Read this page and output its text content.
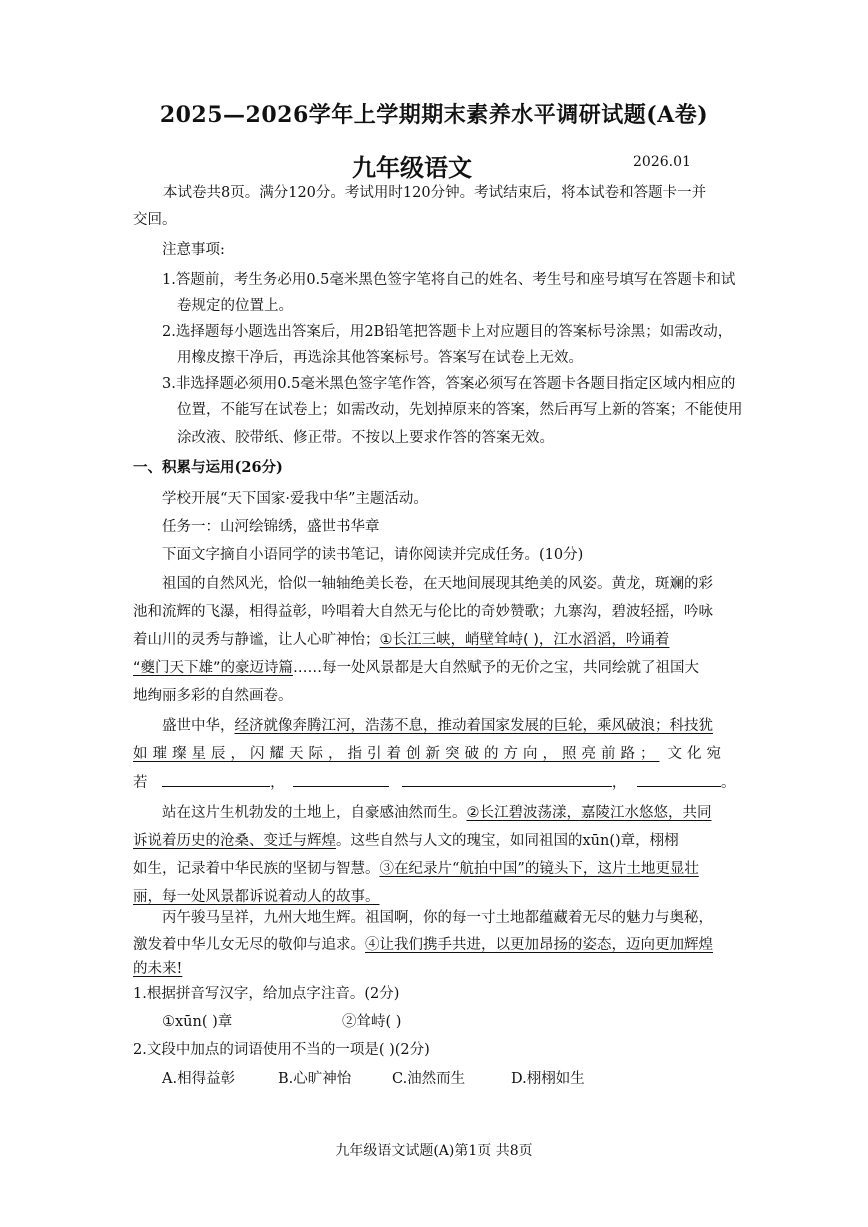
2025—2026学年上学期期末素养水平调研试题(A卷)
九年级语文	2026.01
本试卷共8页。满分120分。考试用时120分钟。考试结束后，将本试卷和答题卡一并
交回。
注意事项:
1.答题前，考生务必用0.5毫米黑色签字笔将自己的姓名、考生号和座号填写在答题卡和试
卷规定的位置上。
2.选择题每小题选出答案后，用2B铅笔把答题卡上对应题目的答案标号涂黑；如需改动，
用橡皮擦干净后，再选涂其他答案标号。答案写在试卷上无效。
3.非选择题必须用0.5毫米黑色签字笔作答，答案必须写在答题卡各题目指定区域内相应的
位置，不能写在试卷上；如需改动，先划掉原来的答案，然后再写上新的答案；不能使用
涂改液、胶带纸、修正带。不按以上要求作答的答案无效。
一、积累与运用(26分)
学校开展“天下国家·爱我中华”主题活动。
任务一：山河绘锦绣，盛世书华章
下面文字摘自小语同学的读书笔记，请你阅读并完成任务。(10分)
祖国的自然风光，恰似一轴轴绝美长卷，在天地间展现其绝美的风姿。黄龙，斑斓的彩
池和流辉的飞瀑，相得益彰，吟唱着大自然无与伦比的奇妙赞歌；九寨沟，碧波轻摇，吟咏
着山川的灵秀与静谧，让人心旷神怡；①长江三峡，峭壁耸峙( )，江水滔滔，吟诵着
“夔门天下雄”的豪迈诗篇……每一处风景都是大自然赋予的无价之宝，共同绘就了祖国大
地绚丽多彩的自然画卷。
盛世中华，经济就像奔腾江河，浩荡不息，推动着国家发展的巨轮，乘风破浪；科技犹
如璀璨星辰，闪耀天际，指引着创新突破的方向，照亮前路； 文化宛
若	，	，	。
站在这片生机勃发的土地上，自豪感油然而生。②长江碧波荡漾，嘉陵江水悠悠，共同
诉说着历史的沧桑、变迁与辉煌。这些自然与人文的瑰宝，如同祖国的xūn()章，栩栩
如生，记录着中华民族的坚韧与智慧。③在纪录片“航拍中国”的镜头下，这片土地更显壮
丽，每一处风景都诉说着动人的故事。
丙午骏马呈祥，九州大地生辉。祖国啊，你的每一寸土地都蕴藏着无尽的魅力与奥秘，
激发着中华儿女无尽的敬仰与追求。④让我们携手共进，以更加昂扬的姿态，迈向更加辉煌
的未来!
1.根据拼音写汉字，给加点字注音。(2分)
①xūn( )章	②耸峙( )
2.文段中加点的词语使用不当的一项是( )(2分)
A.相得益彰	B.心旷神怡	C.油然而生	D.栩栩如生
九年级语文试题(A)第1页 共8页
